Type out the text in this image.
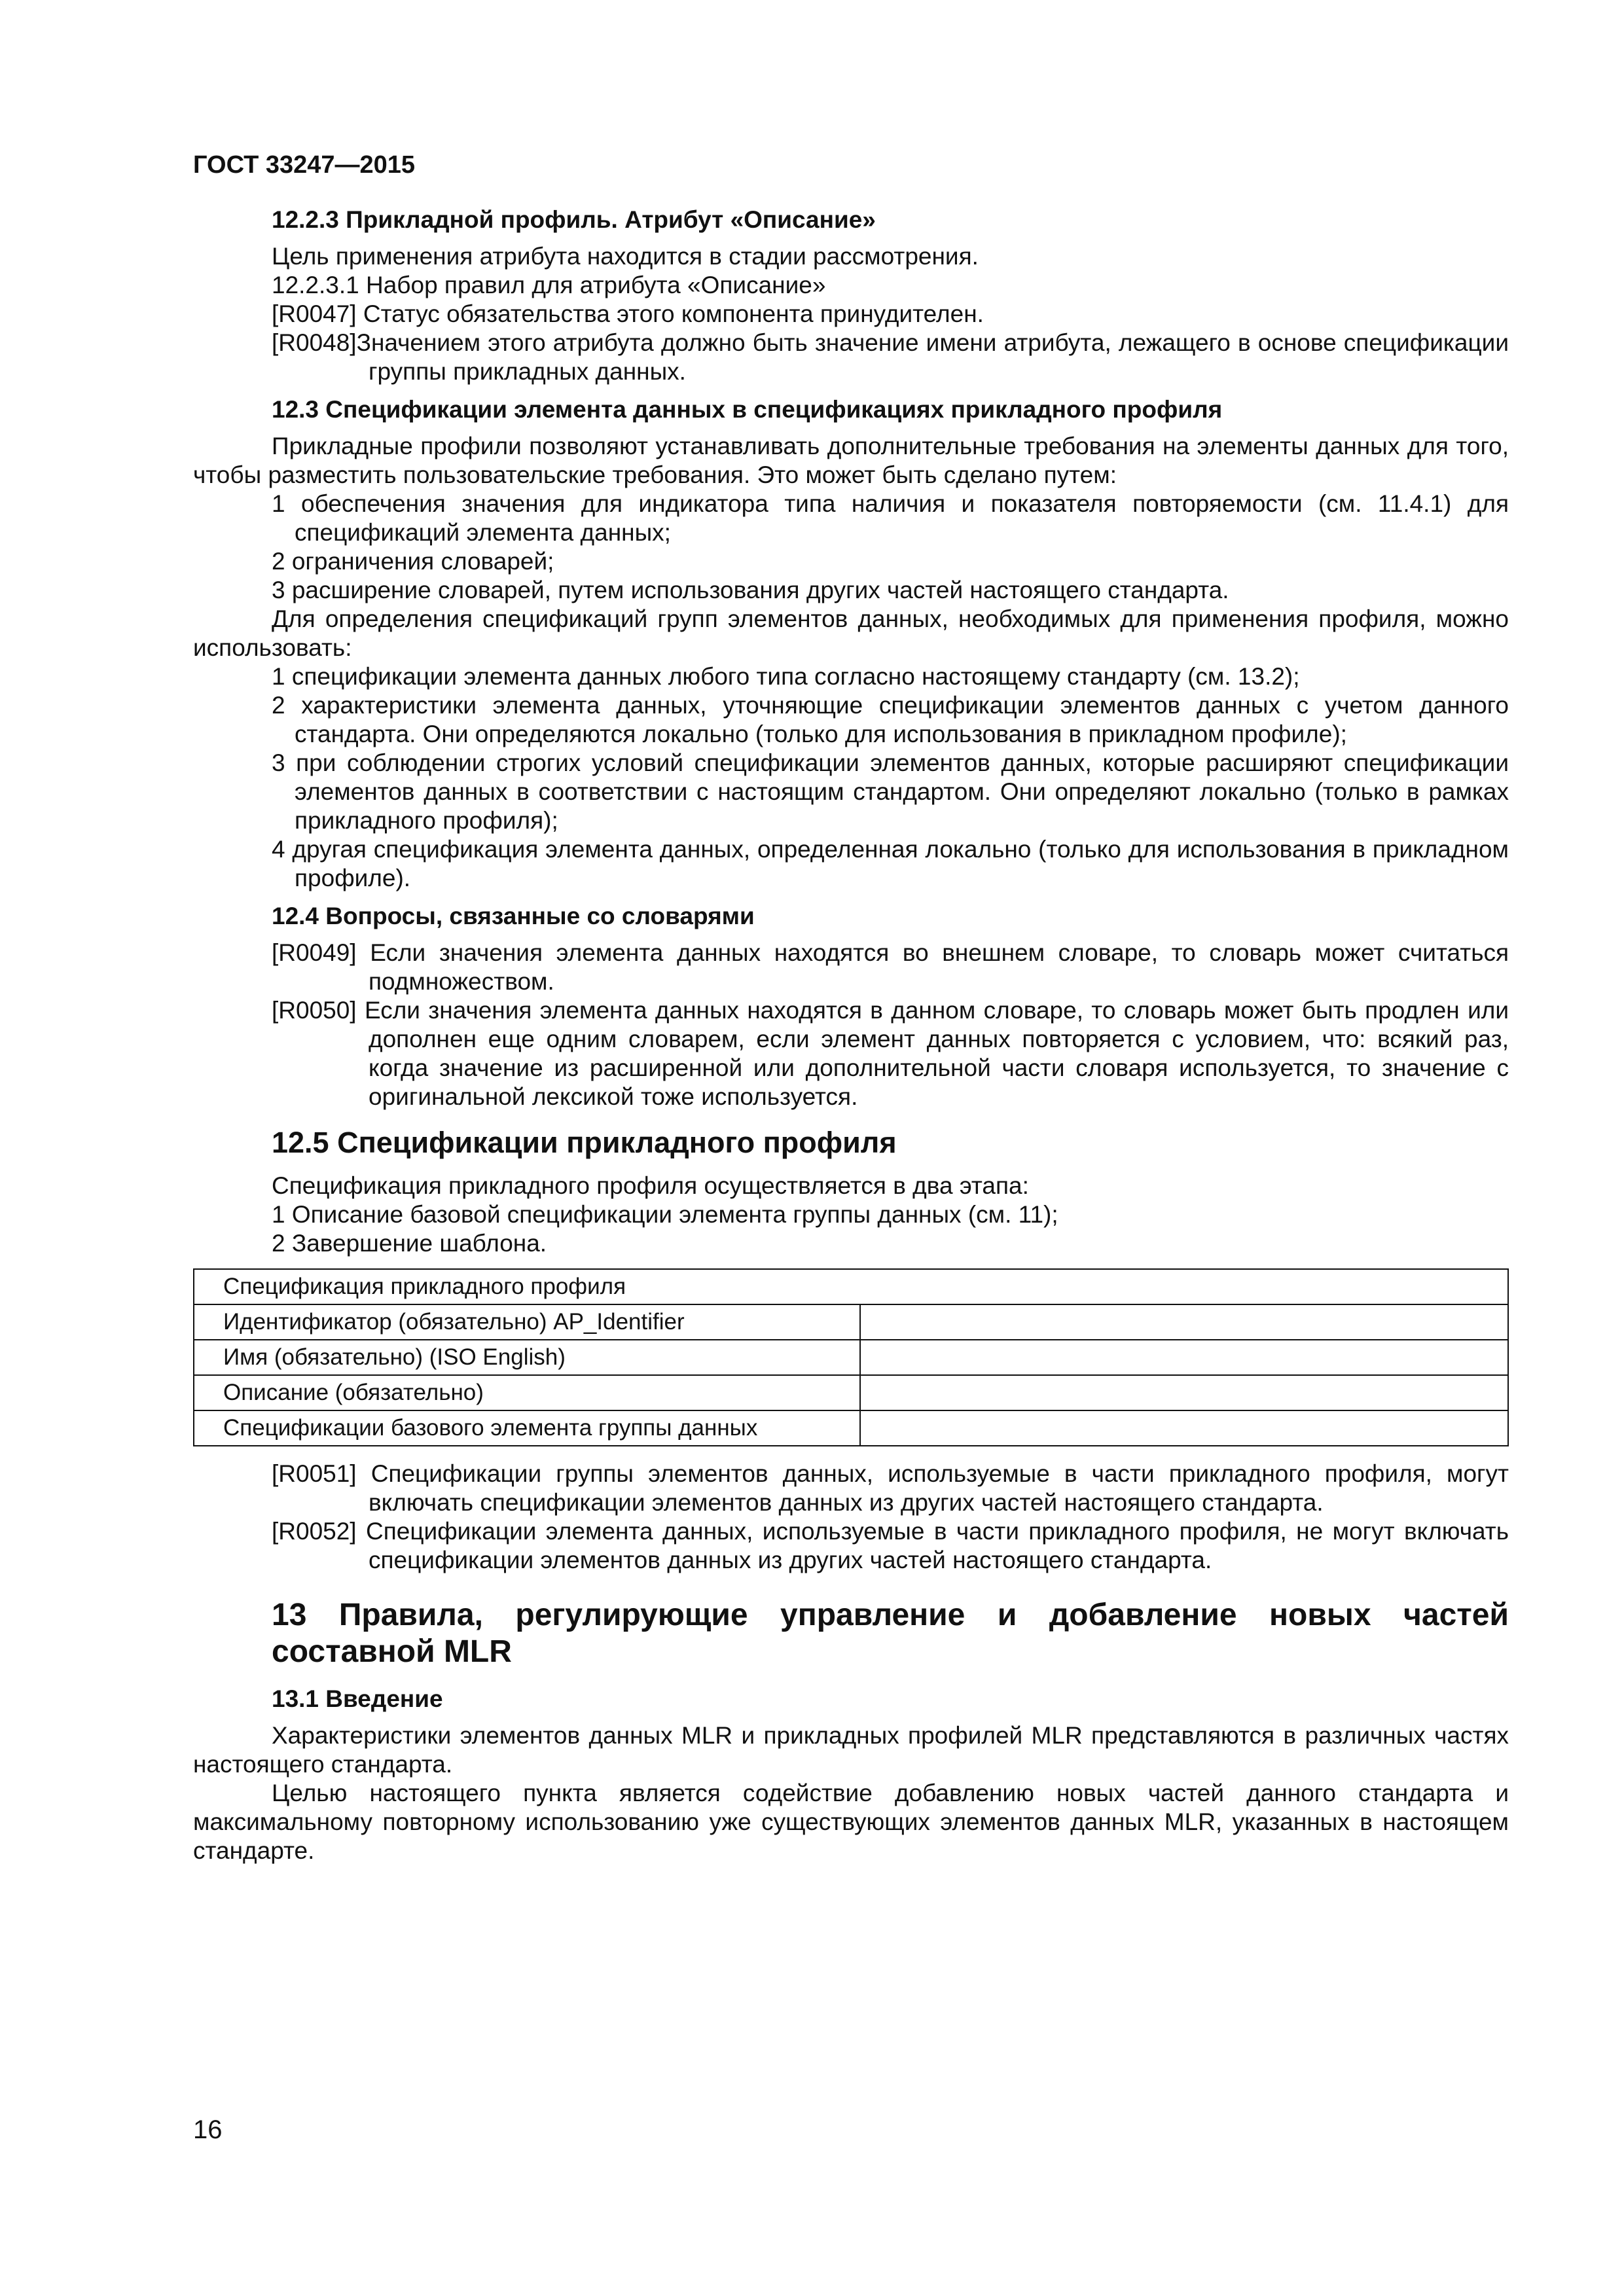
ГОСТ 33247—2015
12.2.3 Прикладной профиль. Атрибут «Описание»

Цель применения атрибута находится в стадии рассмотрения.

12.2.3.1 Набор правил для атрибута «Описание»

[R0047] Статус обязательства этого компонента принудителен.

[R0048]Значением этого атрибута должно быть значение имени атрибута, лежащего в основе спецификации группы прикладных данных.

12.3 Спецификации элемента данных в спецификациях прикладного профиля

Прикладные профили позволяют устанавливать дополнительные требования на элементы данных для того, чтобы разместить пользовательские требования. Это может быть сделано путем:

1 обеспечения значения для индикатора типа наличия и показателя повторяемости (см. 11.4.1) для спецификаций элемента данных;

2 ограничения словарей;

3 расширение словарей, путем использования других частей настоящего стандарта.

Для определения спецификаций групп элементов данных, необходимых для применения профиля, можно использовать:

1 спецификации элемента данных любого типа согласно настоящему стандарту (см. 13.2);

2 характеристики элемента данных, уточняющие спецификации элементов данных с учетом данного стандарта. Они определяются локально (только для использования в прикладном профиле);

3 при соблюдении строгих условий спецификации элементов данных, которые расширяют спецификации элементов данных в соответствии с настоящим стандартом. Они определяют локально (только в рамках прикладного профиля);

4 другая спецификация элемента данных, определенная локально (только для использования в прикладном профиле).

12.4 Вопросы, связанные со словарями

[R0049] Если значения элемента данных находятся во внешнем словаре, то словарь может считаться подмножеством.

[R0050] Если значения элемента данных находятся в данном словаре, то словарь может быть продлен или дополнен еще одним словарем, если элемент данных повторяется с условием, что: всякий раз, когда значение из расширенной или дополнительной части словаря используется, то значение с оригинальной лексикой тоже используется.

12.5 Спецификации прикладного профиля

Спецификация прикладного профиля осуществляется в два этапа:

1 Описание базовой спецификации элемента группы данных (см. 11);

2 Завершение шаблона.

Спецификация прикладного профиля	
Идентификатор (обязательно) AP_Identifier	
Имя (обязательно) (ISO English)	
Описание (обязательно)	
Спецификации базового элемента группы данных	

[R0051] Спецификации группы элементов данных, используемые в части прикладного профиля, могут включать спецификации элементов данных из других частей настоящего стандарта.

[R0052] Спецификации элемента данных, используемые в части прикладного профиля, не могут включать спецификации элементов данных из других частей настоящего стандарта.

13 Правила, регулирующие управление и добавление новых частей составной MLR
13.1 Введение

Характеристики элементов данных MLR и прикладных профилей MLR представляются в различных частях настоящего стандарта.

Целью настоящего пункта является содействие добавлению новых частей данного стандарта и максимальному повторному использованию уже существующих элементов данных MLR, указанных в настоящем стандарте.

16
